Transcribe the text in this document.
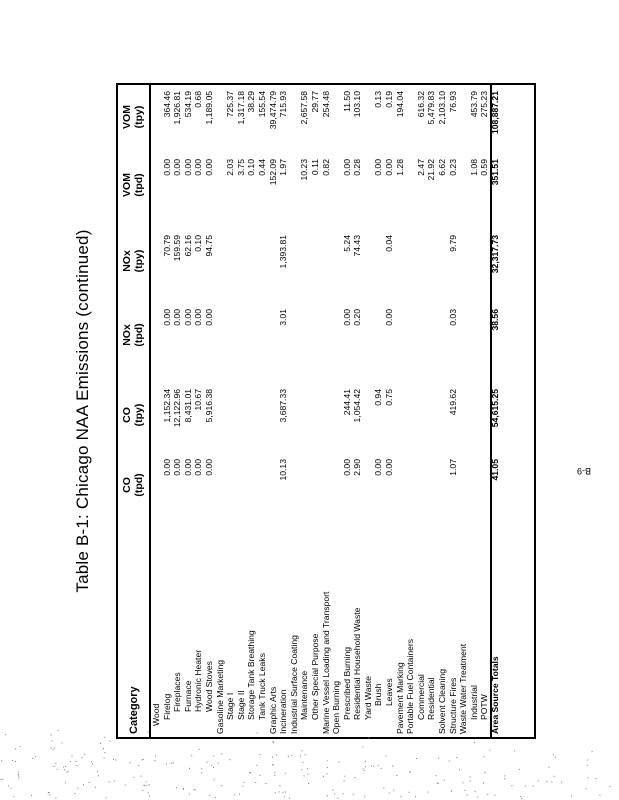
Table B-1: Chicago NAA Emissions (continued)
Category
CO (tpd)
CO (tpy)
NOx (tpd)
NOx (tpy)
VOM (tpd)
VOM (tpy)
Wood Firelog
0.00
1,152.34
0.00
70.79
0.00
364.46
Fireplaces
0.00
12,122.96
0.00
159.59
0.00
1,926.81
Furnace
0.00
8,431.01
0.00
62.16
0.00
534.19
Hydronic Heater
0.00
10.67
0.00
0.10
0.00
0.68
Wood Stoves
0.00
5,916.38
0.00
94.75
0.00
1,189.05
Gasoline Marketing Stage I
2.03
725.37
Stage II
3.75
1,317.18
Storage Tank Breathing
0.10
38.29
Tank Truck Leaks
0.44
155.54
Graphic Arts
152.09
39,474.79
Incineration
10.13
3,687.33
3.01
1,393.81
1.97
715.93
Industrial Surface Coating Maintenance
10.23
2,657.58
Other Special Purpose
0.11
29.77
Marine Vessel Loading and Transport
0.82
254.48
Open Burning Prescribed Burning
0.00
244.41
0.00
5.24
0.00
11.50
Residential Household Waste
2.90
1,054.42
0.20
74.43
0.28
103.10
Yard Waste Brush
0.00
0.94
0.00
0.13
Leaves
0.00
0.75
0.00
0.04
0.00
0.19
Pavement Marking
1.28
194.04
Portable Fuel Containers Commercial
2.47
616.32
Residential
21.92
5,479.83
Solvent Cleaning
6.62
2,103.10
Structure Fires
1.07
419.62
0.03
9.79
0.23
76.93
Waste Water Treatment Industrial
1.08
453.79
POTW
0.59
275.23
Area Source Totals
41.05
54,615.25
38.56
32,317.73
351.51
108,887.21
B-9
